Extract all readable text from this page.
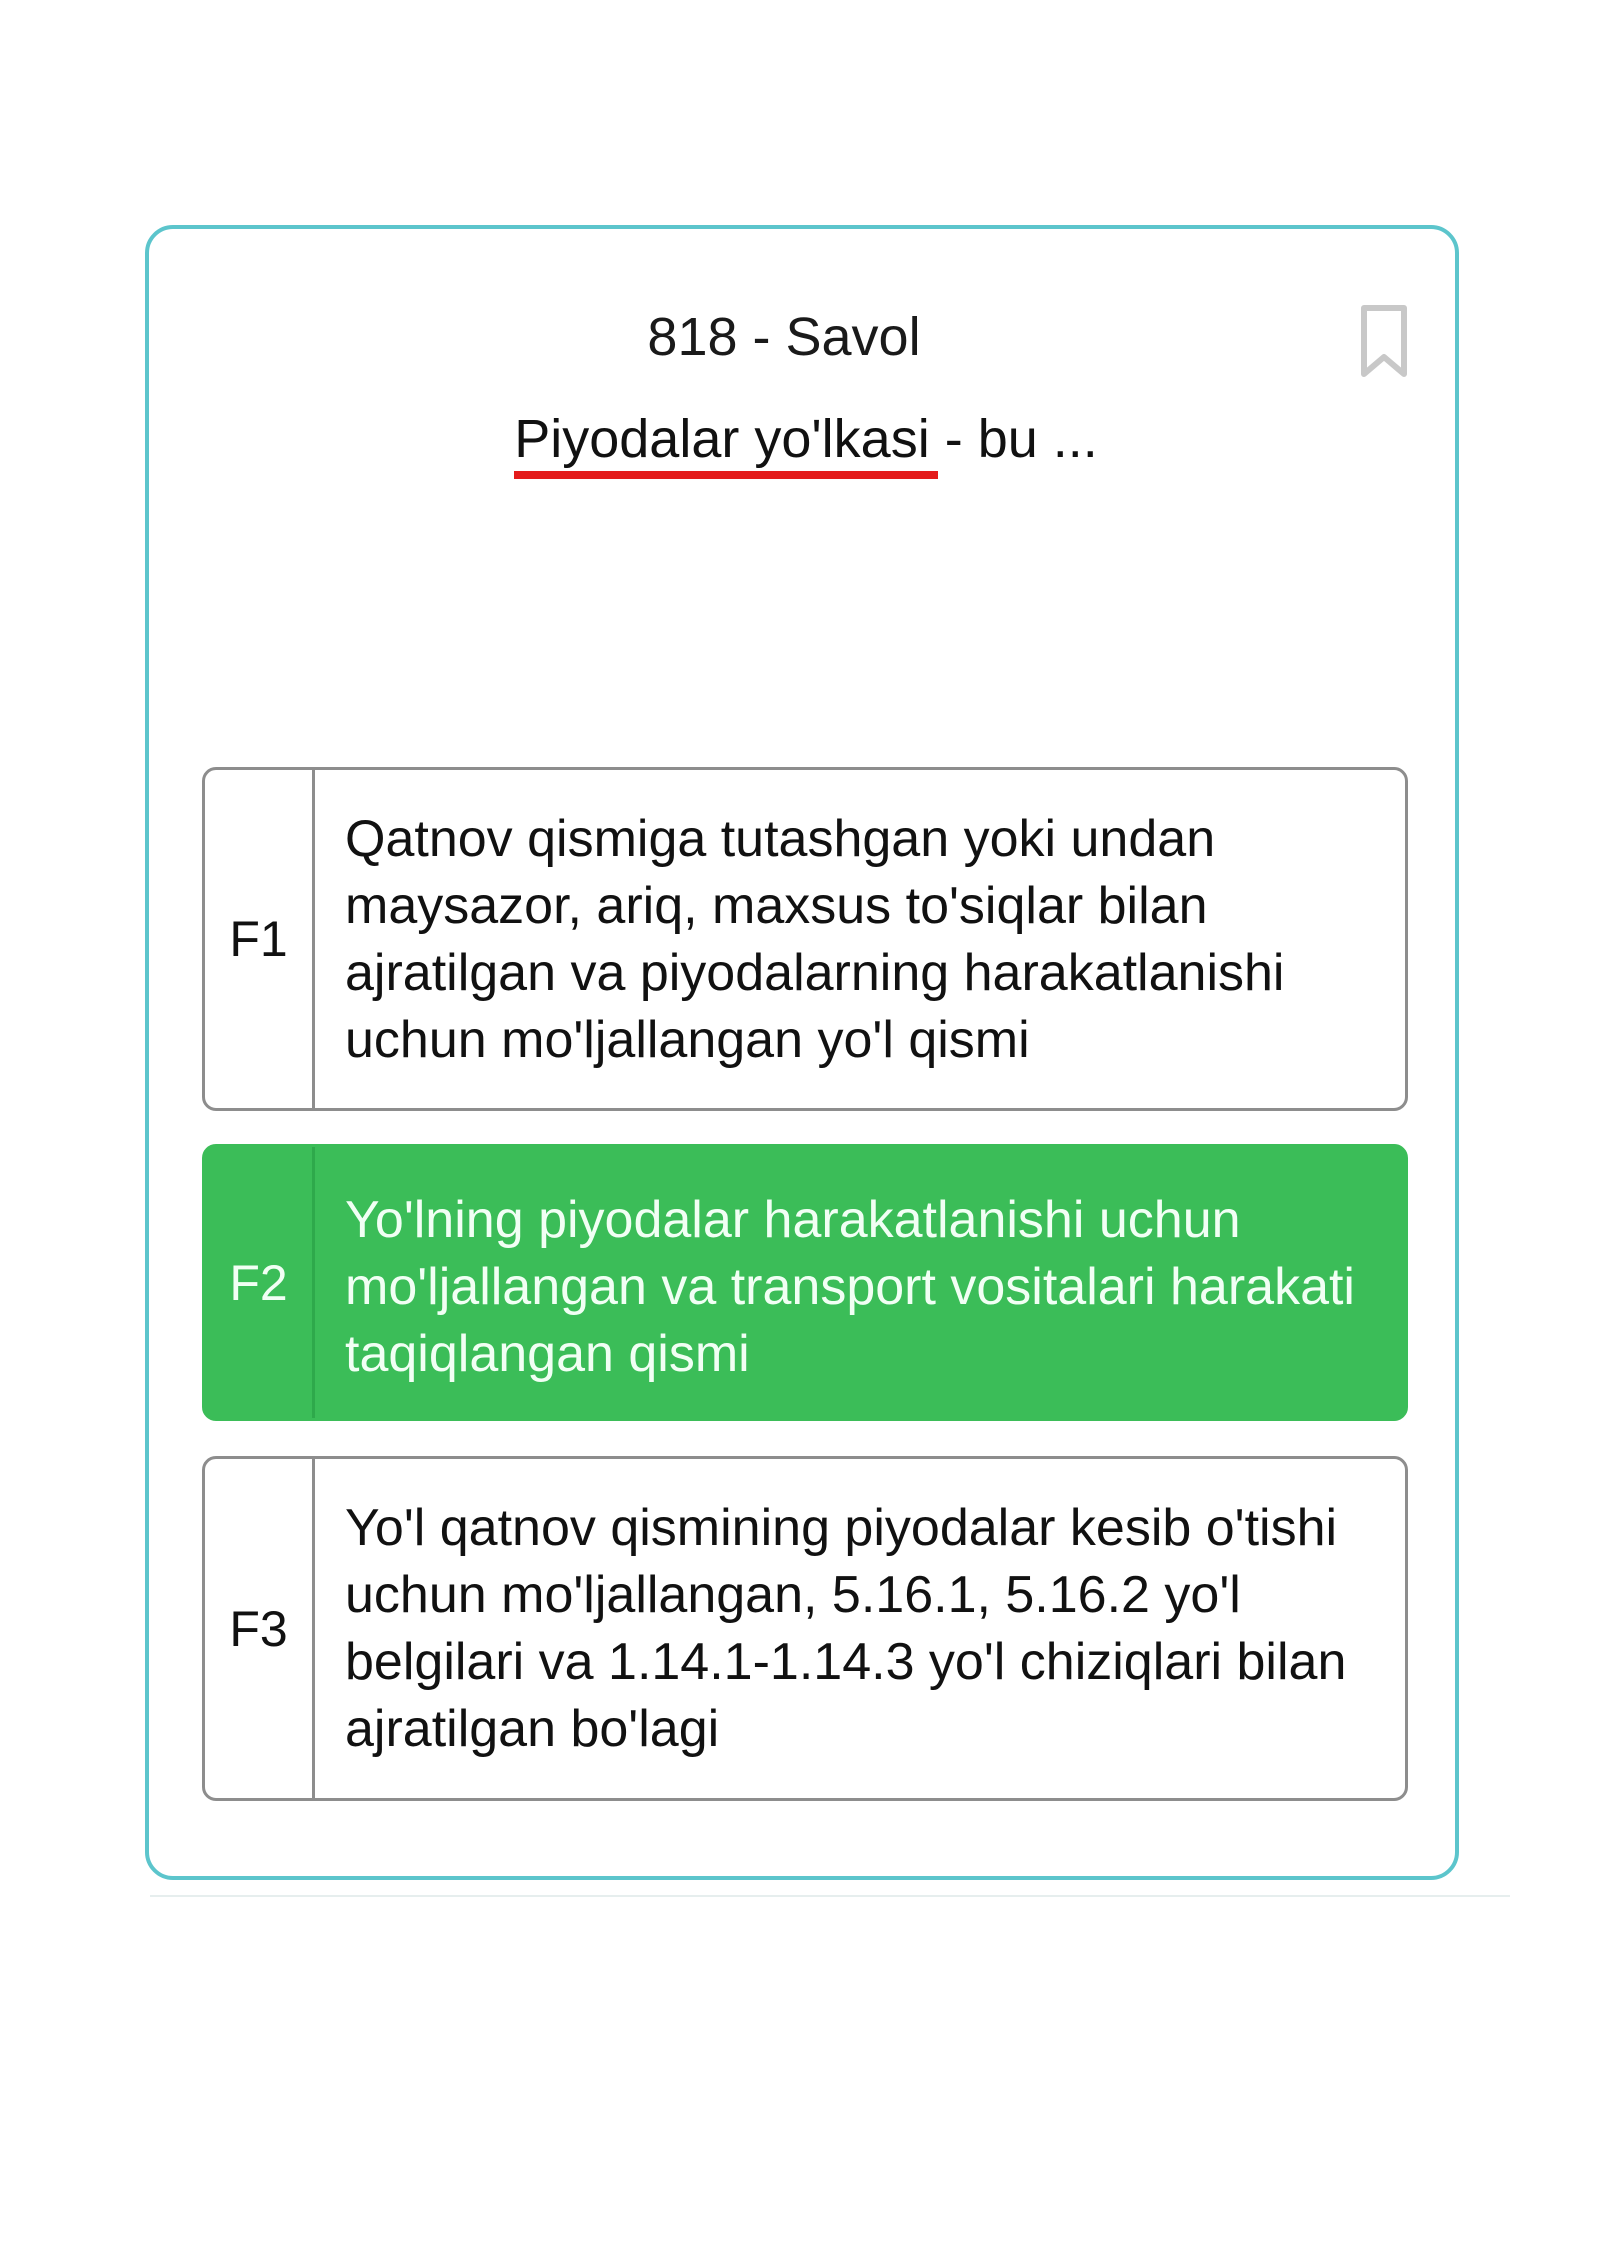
818 - Savol
Piyodalar yo'lkasi - bu ...
F1
Qatnov qismiga tutashgan yoki undan maysazor, ariq, maxsus to'siqlar bilan ajratilgan va piyodalarning harakatlanishi uchun mo'ljallangan yo'l qismi
F2
Yo'lning piyodalar harakatlanishi uchun mo'ljallangan va transport vositalari harakati taqiqlangan qismi
F3
Yo'l qatnov qismining piyodalar kesib o'tishi uchun mo'ljallangan, 5.16.1, 5.16.2 yo'l belgilari va 1.14.1-1.14.3 yo'l chiziqlari bilan ajratilgan bo'lagi
